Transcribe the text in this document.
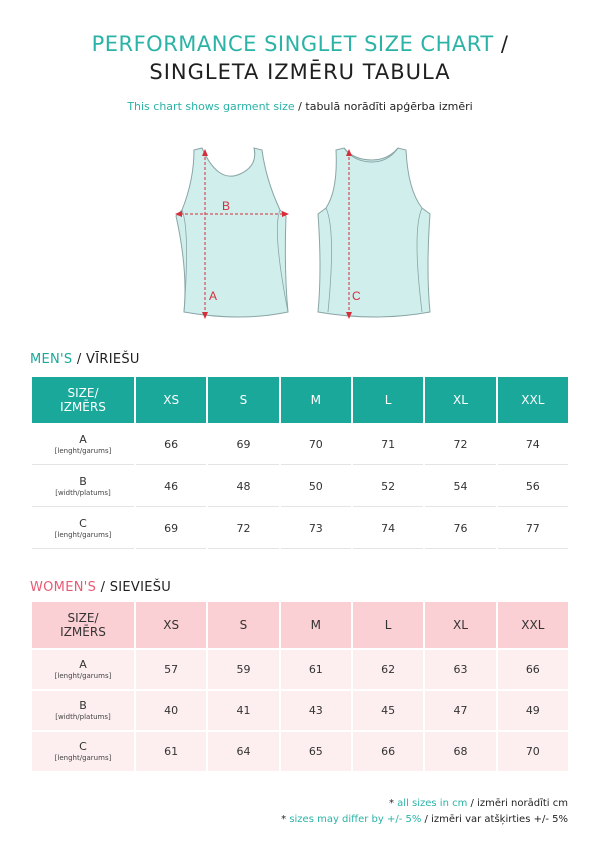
PERFORMANCE SINGLET SIZE CHART /
SINGLETA IZMĒRU TABULA
This chart shows garment size / tabulā norādīti apģērba izmēri
B
A	C
MEN'S / VĪRIEŠU
SIZE/
IZMĒRS	XS	S	M	L	XL	XXL

A
[lenght/garums]	66	69	70	71	72	74

B
[width/platums]	46	48	50	52	54	56

C
[lenght/garums]	69	72	73	74	76	77
WOMEN'S / SIEVIEŠU
SIZE/
IZMĒRS	XS	S	M	L	XL	XXL

A
[lenght/garums]	57	59	61	62	63	66

B
[width/platums]	40	41	43	45	47	49

C
[lenght/garums]	61	64	65	66	68	70
* all sizes in cm / izmēri norādīti cm
* sizes may differ by +/- 5% / izmēri var atšķirties +/- 5%
